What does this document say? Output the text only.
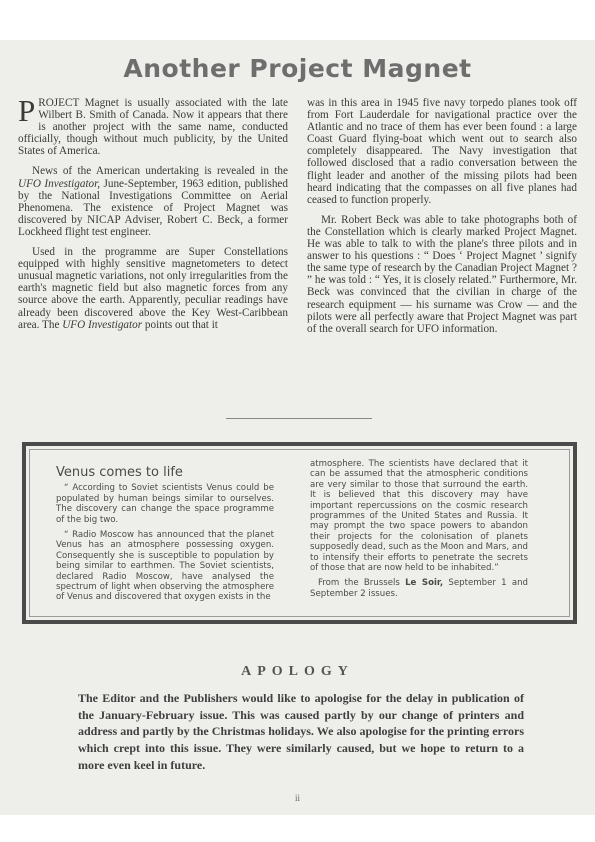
Another Project Magnet

PROJECT Magnet is usually associated with the late Wilbert B. Smith of Canada. Now it appears that there is another project with the same name, conducted officially, though without much publicity, by the United States of America.

News of the American undertaking is revealed in the UFO Investigator, June-September, 1963 edition, published by the National Investigations Committee on Aerial Phenomena. The existence of Project Magnet was discovered by NICAP Adviser, Robert C. Beck, a former Lockheed flight test engineer.

Used in the programme are Super Constellations equipped with highly sensitive magnetometers to detect unusual magnetic variations, not only irregularities from the earth's magnetic field but also magnetic forces from any source above the earth. Apparently, peculiar readings have already been discovered above the Key West-Caribbean area. The UFO Investigator points out that it

was in this area in 1945 five navy torpedo planes took off from Fort Lauderdale for navigational practice over the Atlantic and no trace of them has ever been found : a large Coast Guard flying-boat which went out to search also completely disappeared. The Navy investigation that followed disclosed that a radio conversation between the flight leader and another of the missing pilots had been heard indicating that the compasses on all five planes had ceased to function properly.

Mr. Robert Beck was able to take photographs both of the Constellation which is clearly marked Project Magnet. He was able to talk to with the plane's three pilots and in answer to his questions : “ Does ‘ Project Magnet ’ signify the same type of research by the Canadian Project Magnet ? ” he was told : “ Yes, it is closely related.” Furthermore, Mr. Beck was convinced that the civilian in charge of the research equipment — his surname was Crow — and the pilots were all perfectly aware that Project Magnet was part of the overall search for UFO information.

Venus comes to life

“ According to Soviet scientists Venus could be populated by human beings similar to ourselves. The discovery can change the space programme of the big two.

“ Radio Moscow has announced that the planet Venus has an atmosphere possessing oxygen. Consequently she is susceptible to population by being similar to earthmen. The Soviet scientists, declared Radio Moscow, have analysed the spectrum of light when observing the atmosphere of Venus and discovered that oxygen exists in the

atmosphere. The scientists have declared that it can be assumed that the atmospheric conditions are very similar to those that surround the earth. It is believed that this discovery may have important repercussions on the cosmic research programmes of the United States and Russia. It may prompt the two space powers to abandon their projects for the colonisation of planets supposedly dead, such as the Moon and Mars, and to intensify their efforts to penetrate the secrets of those that are now held to be inhabited.”

From the Brussels Le Soir, September 1 and September 2 issues.

APOLOGY
The Editor and the Publishers would like to apologise for the delay in publication of the January-February issue. This was caused partly by our change of printers and address and partly by the Christmas holidays. We also apologise for the printing errors which crept into this issue. They were similarly caused, but we hope to return to a more even keel in future.
ii
